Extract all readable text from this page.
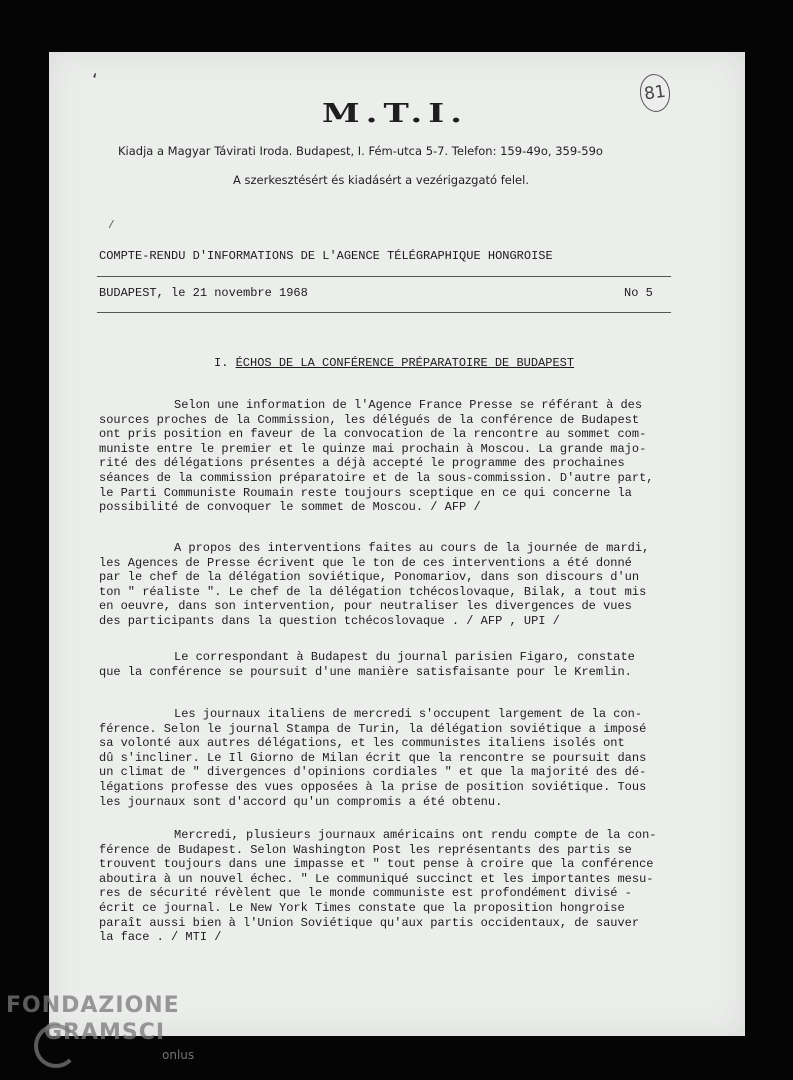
ʻ
81
M.T.I.
Kiadja a Magyar Távirati Iroda. Budapest, I. Fém-utca 5-7. Telefon: 159-49o, 359-59o
A szerkesztésért és kiadásért a vezérigazgató felel.
/
COMPTE-RENDU D'INFORMATIONS DE L'AGENCE TÉLÉGRAPHIQUE HONGROISE
BUDAPEST, le 21 novembre 1968	No 5
I. ÉCHOS DE LA CONFÉRENCE PRÉPARATOIRE DE BUDAPEST
Selon une information de l'Agence France Presse se référant à des
sources proches de la Commission, les délégués de la conférence de Budapest
ont pris position en faveur de la convocation de la rencontre au sommet com-
muniste entre le premier et le quinze mai prochain à Moscou. La grande majo-
rité des délégations présentes a déjà accepté le programme des prochaines
séances de la commission préparatoire et de la sous-commission. D'autre part,
le Parti Communiste Roumain reste toujours sceptique en ce qui concerne la
possibilité de convoquer le sommet de Moscou. / AFP /
A propos des interventions faites au cours de la journée de mardi,
les Agences de Presse écrivent que le ton de ces interventions a été donné
par le chef de la délégation soviétique, Ponomariov, dans son discours d'un
ton " réaliste ". Le chef de la délégation tchécoslovaque, Bilak, a tout mis
en oeuvre, dans son intervention, pour neutraliser les divergences de vues
des participants dans la question tchécoslovaque . / AFP , UPI /
Le correspondant à Budapest du journal parisien Figaro, constate
que la conférence se poursuit d'une manière satisfaisante pour le Kremlin.
Les journaux italiens de mercredi s'occupent largement de la con-
férence. Selon le journal Stampa de Turin, la délégation soviétique a imposé
sa volonté aux autres délégations, et les communistes italiens isolés ont
dû s'incliner. Le Il Giorno de Milan écrit que la rencontre se poursuit dans
un climat de " divergences d'opinions cordiales " et que la majorité des dé-
légations professe des vues opposées à la prise de position soviétique. Tous
les journaux sont d'accord qu'un compromis a été obtenu.
Mercredi, plusieurs journaux américains ont rendu compte de la con-
férence de Budapest. Selon Washington Post les représentants des partis se
trouvent toujours dans une impasse et " tout pense à croire que la conférence
aboutira à un nouvel échec. " Le communiqué succinct et les importantes mesu-
res de sécurité révèlent que le monde communiste est profondément divisé -
écrit ce journal. Le New York Times constate que la proposition hongroise
paraît aussi bien à l'Union Soviétique qu'aux partis occidentaux, de sauver
la face . / MTI /
FONDAZIONE
GRAMSCI
onlus
